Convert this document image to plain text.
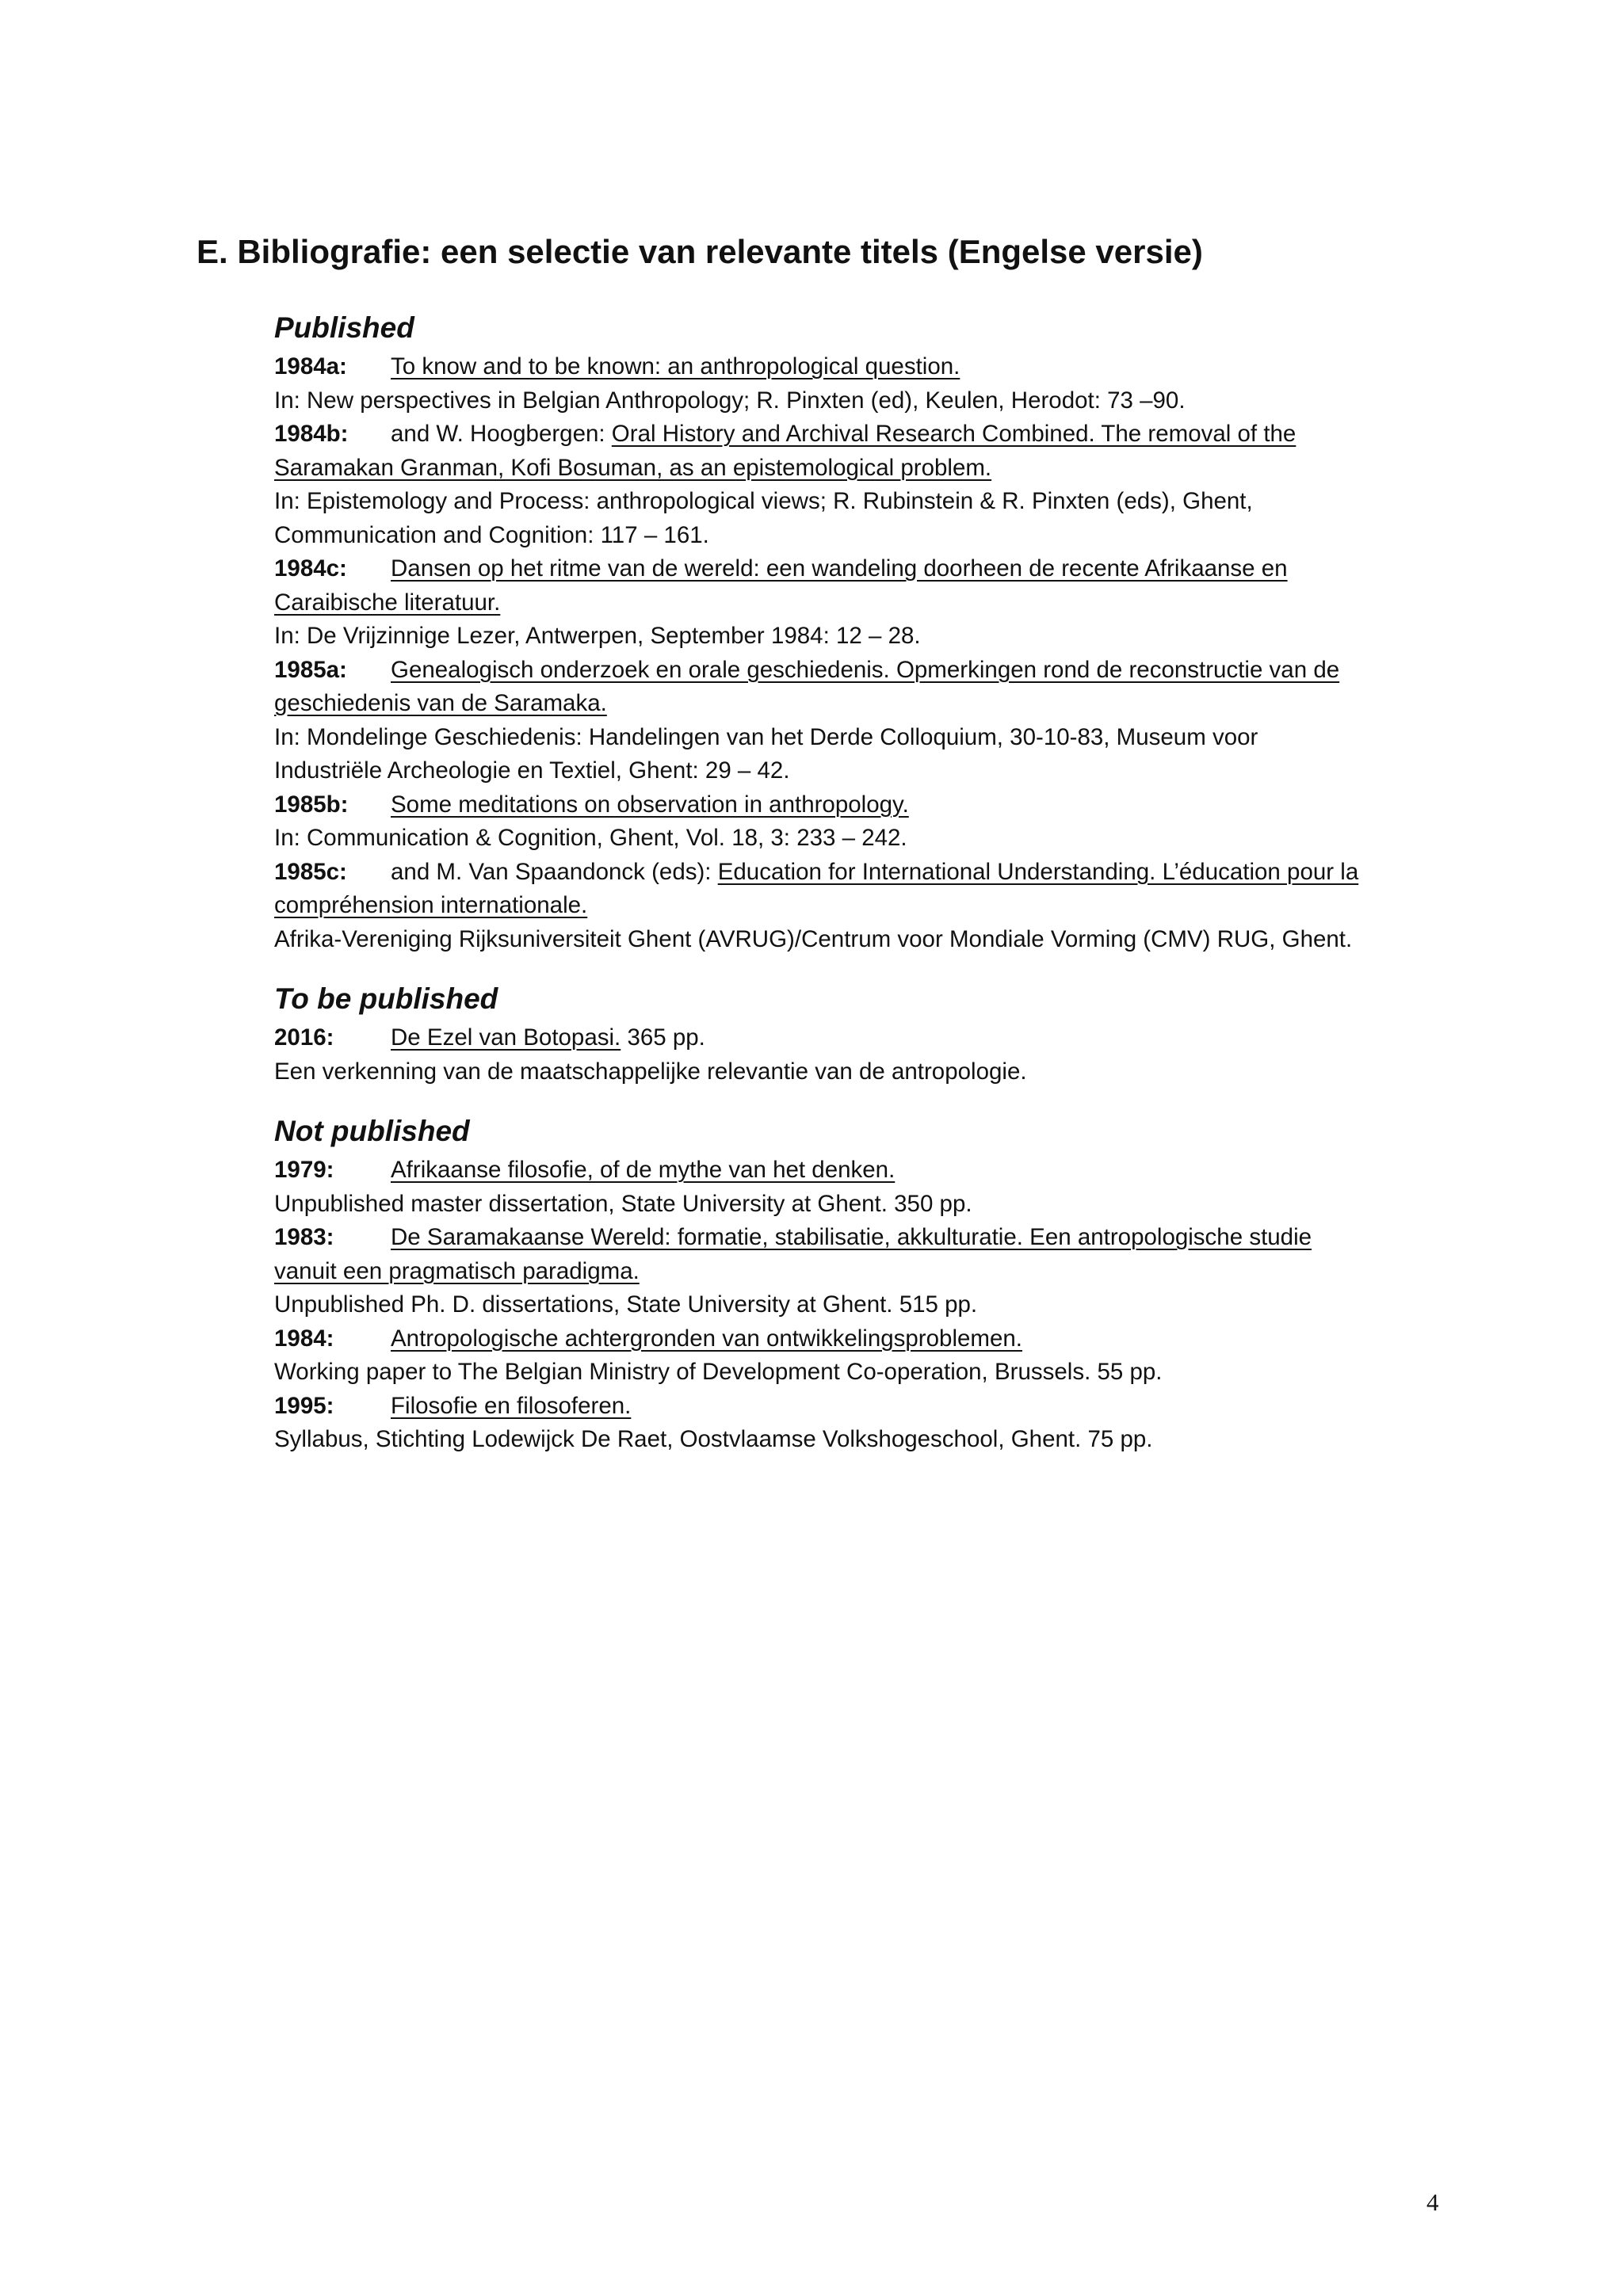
E. Bibliografie: een selectie van relevante titels (Engelse versie)
Published
1984a: To know and to be known: an anthropological question.
In: New perspectives in Belgian Anthropology; R. Pinxten (ed), Keulen, Herodot: 73 –90.
1984b: and W. Hoogbergen: Oral History and Archival Research Combined. The removal of the
Saramakan Granman, Kofi Bosuman, as an epistemological problem.
In: Epistemology and Process: anthropological views; R. Rubinstein & R. Pinxten (eds), Ghent,
Communication and Cognition: 117 – 161.
1984c: Dansen op het ritme van de wereld: een wandeling doorheen de recente Afrikaanse en
Caraibische literatuur.
In: De Vrijzinnige Lezer, Antwerpen, September 1984: 12 – 28.
1985a: Genealogisch onderzoek en orale geschiedenis. Opmerkingen rond de reconstructie van de
geschiedenis van de Saramaka.
In: Mondelinge Geschiedenis: Handelingen van het Derde Colloquium, 30-10-83, Museum voor
Industriële Archeologie en Textiel, Ghent: 29 – 42.
1985b: Some meditations on observation in anthropology.
In: Communication & Cognition, Ghent, Vol. 18, 3: 233 – 242.
1985c: and M. Van Spaandonck (eds): Education for International Understanding. L’éducation pour la
compréhension internationale.
Afrika-Vereniging Rijksuniversiteit Ghent (AVRUG)/Centrum voor Mondiale Vorming (CMV) RUG, Ghent.
To be published
2016: De Ezel van Botopasi. 365 pp.
Een verkenning van de maatschappelijke relevantie van de antropologie.
Not published
1979: Afrikaanse filosofie, of de mythe van het denken.
Unpublished master dissertation, State University at Ghent. 350 pp.
1983: De Saramakaanse Wereld: formatie, stabilisatie, akkulturatie. Een antropologische studie
vanuit een pragmatisch paradigma.
Unpublished Ph. D. dissertations, State University at Ghent. 515 pp.
1984: Antropologische achtergronden van ontwikkelingsproblemen.
Working paper to The Belgian Ministry of Development Co-operation, Brussels. 55 pp.
1995: Filosofie en filosoferen.
Syllabus, Stichting Lodewijck De Raet, Oostvlaamse Volkshogeschool, Ghent. 75 pp.
4
